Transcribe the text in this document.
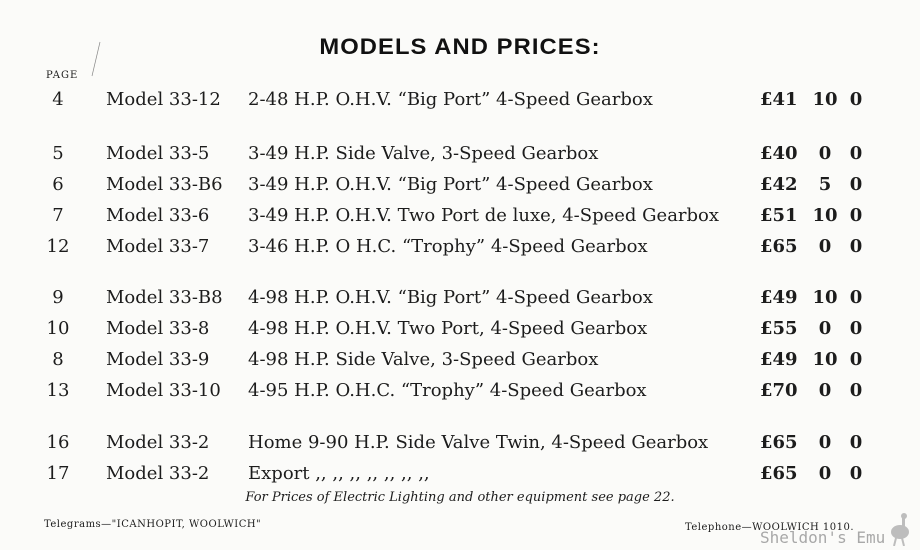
MODELS AND PRICES:
PAGE
4	Model 33-12 2-48 H.P. O.H.V. “Big Port” 4-Speed Gearbox	£41 10 0
5	Model 33-5 3-49 H.P. Side Valve, 3-Speed Gearbox	£40	0	0
6	Model 33-B6 3-49 H.P. O.H.V. “Big Port” 4-Speed Gearbox	£42	5	0
7	Model 33-6 3-49 H.P. O.H.V. Two Port de luxe, 4-Speed Gearbox £51 10 0
12	Model 33-7 3-46 H.P. O H.C. “Trophy” 4-Speed Gearbox	£65	0	0
9	Model 33-B8 4-98 H.P. O.H.V. “Big Port” 4-Speed Gearbox	£49 10 0
10	Model 33-8 4-98 H.P. O.H.V. Two Port, 4-Speed Gearbox	£55	0	0
8	Model 33-9 4-98 H.P. Side Valve, 3-Speed Gearbox	£49 10 0
13	Model 33-10 4-95 H.P. O.H.C. “Trophy” 4-Speed Gearbox	£70	0	0
16	Model 33-2 Home 9-90 H.P. Side Valve Twin, 4-Speed Gearbox	£65	0	0
17	Model 33-2 Export ,, ,, ,, ,, ,, ,, ,,	£65	0	0
For Prices of Electric Lighting and other equipment see page 22.
Telegrams—"ICANHOPIT, WOOLWICH"	Telephone—WOOLWICH 1010.
Sheldon's Emu
